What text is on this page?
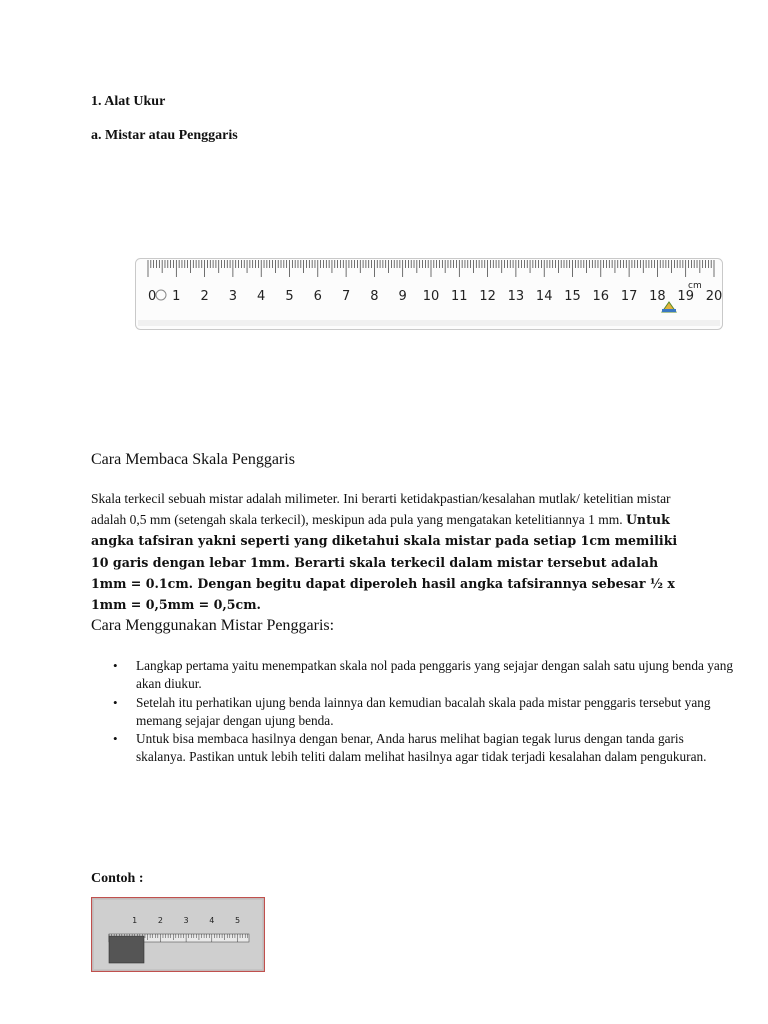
1. Alat Ukur
a. Mistar atau Penggaris
1 2 3 4 5 6 7 8 9 10 11 12 13 14 15 16 17 18 19 20
0
cm
Cara Membaca Skala Penggaris
Skala terkecil sebuah mistar adalah milimeter. Ini berarti ketidakpastian/kesalahan mutlak/ ketelitian mistar adalah 0,5 mm (setengah skala terkecil), meskipun ada pula yang mengatakan ketelitiannya 1 mm. Untuk angka tafsiran yakni seperti yang diketahui skala mistar pada setiap 1cm memiliki 10 garis dengan lebar 1mm. Berarti skala terkecil dalam mistar tersebut adalah 1mm = 0.1cm. Dengan begitu dapat diperoleh hasil angka tafsirannya sebesar ½ x 1mm = 0,5mm = 0,5cm.
Cara Menggunakan Mistar Penggaris:
• Langkap pertama yaitu menempatkan skala nol pada penggaris yang sejajar dengan salah satu ujung benda yang akan diukur.
• Setelah itu perhatikan ujung benda lainnya dan kemudian bacalah skala pada mistar penggaris tersebut yang memang sejajar dengan ujung benda.
• Untuk bisa membaca hasilnya dengan benar, Anda harus melihat bagian tegak lurus dengan tanda garis skalanya. Pastikan untuk lebih teliti dalam melihat hasilnya agar tidak terjadi kesalahan dalam pengukuran.
Contoh :
1	2	3	4	5
